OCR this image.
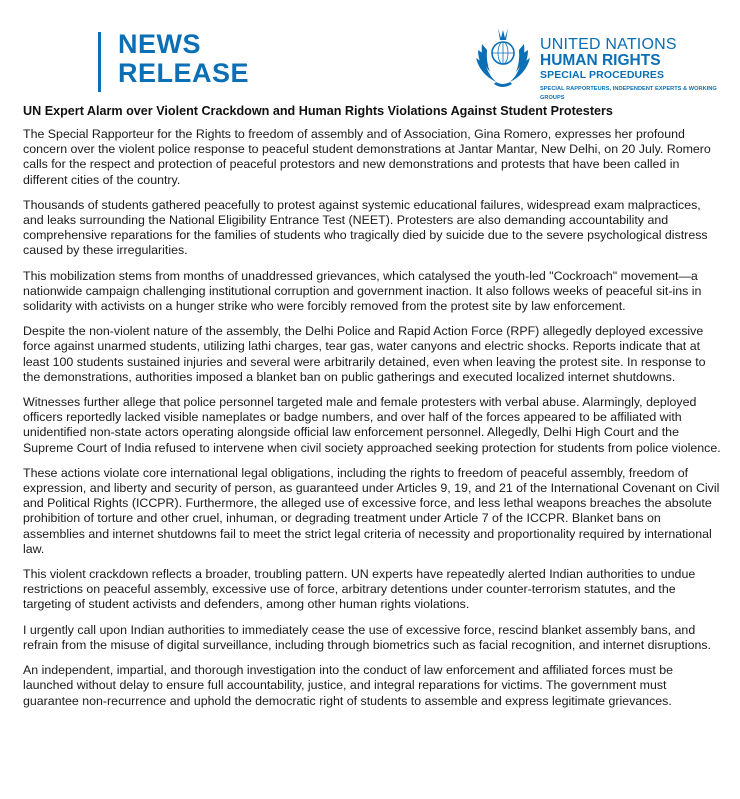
NEWS
RELEASE
UNITED NATIONS
HUMAN RIGHTS
SPECIAL PROCEDURES
SPECIAL RAPPORTEURS, INDEPENDENT EXPERTS & WORKING GROUPS
UN Expert Alarm over Violent Crackdown and Human Rights Violations Against Student Protesters

The Special Rapporteur for the Rights to freedom of assembly and of Association, Gina Romero, expresses her profound concern over the violent police response to peaceful student demonstrations at Jantar Mantar, New Delhi, on 20 July. Romero calls for the respect and protection of peaceful protestors and new demonstrations and protests that have been called in different cities of the country.

Thousands of students gathered peacefully to protest against systemic educational failures, widespread exam malpractices, and leaks surrounding the National Eligibility Entrance Test (NEET). Protesters are also demanding accountability and comprehensive reparations for the families of students who tragically died by suicide due to the severe psychological distress caused by these irregularities.

This mobilization stems from months of unaddressed grievances, which catalysed the youth-led "Cockroach" movement—a nationwide campaign challenging institutional corruption and government inaction. It also follows weeks of peaceful sit-ins in solidarity with activists on a hunger strike who were forcibly removed from the protest site by law enforcement.

Despite the non-violent nature of the assembly, the Delhi Police and Rapid Action Force (RPF) allegedly deployed excessive force against unarmed students, utilizing lathi charges, tear gas, water canyons and electric shocks. Reports indicate that at least 100 students sustained injuries and several were arbitrarily detained, even when leaving the protest site. In response to the demonstrations, authorities imposed a blanket ban on public gatherings and executed localized internet shutdowns.

Witnesses further allege that police personnel targeted male and female protesters with verbal abuse. Alarmingly, deployed officers reportedly lacked visible nameplates or badge numbers, and over half of the forces appeared to be affiliated with unidentified non-state actors operating alongside official law enforcement personnel. Allegedly, Delhi High Court and the Supreme Court of India refused to intervene when civil society approached seeking protection for students from police violence.

These actions violate core international legal obligations, including the rights to freedom of peaceful assembly, freedom of expression, and liberty and security of person, as guaranteed under Articles 9, 19, and 21 of the International Covenant on Civil and Political Rights (ICCPR). Furthermore, the alleged use of excessive force, and less lethal weapons breaches the absolute prohibition of torture and other cruel, inhuman, or degrading treatment under Article 7 of the ICCPR. Blanket bans on assemblies and internet shutdowns fail to meet the strict legal criteria of necessity and proportionality required by international law.

This violent crackdown reflects a broader, troubling pattern. UN experts have repeatedly alerted Indian authorities to undue restrictions on peaceful assembly, excessive use of force, arbitrary detentions under counter-terrorism statutes, and the targeting of student activists and defenders, among other human rights violations.

I urgently call upon Indian authorities to immediately cease the use of excessive force, rescind blanket assembly bans, and refrain from the misuse of digital surveillance, including through biometrics such as facial recognition, and internet disruptions.

An independent, impartial, and thorough investigation into the conduct of law enforcement and affiliated forces must be launched without delay to ensure full accountability, justice, and integral reparations for victims. The government must guarantee non-recurrence and uphold the democratic right of students to assemble and express legitimate grievances.
